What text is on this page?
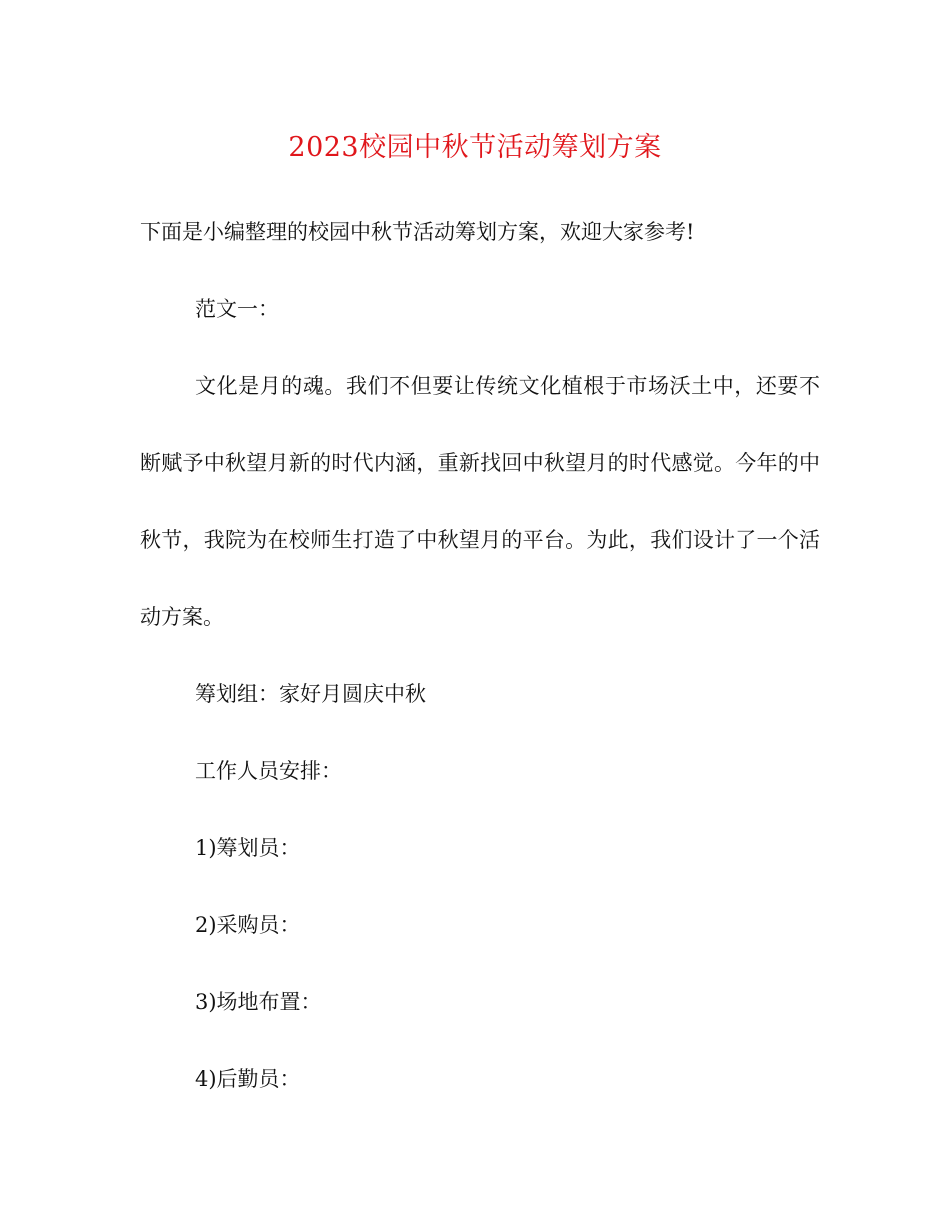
2023校园中秋节活动筹划方案

下面是小编整理的校园中秋节活动筹划方案，欢迎大家参考!

范文一：

文化是月的魂。我们不但要让传统文化植根于市场沃土中，还要不断赋予中秋望月新的时代内涵，重新找回中秋望月的时代感觉。今年的中秋节，我院为在校师生打造了中秋望月的平台。为此，我们设计了一个活动方案。

筹划组：家好月圆庆中秋

工作人员安排：

1)筹划员：

2)采购员：

3)场地布置：

4)后勤员：
